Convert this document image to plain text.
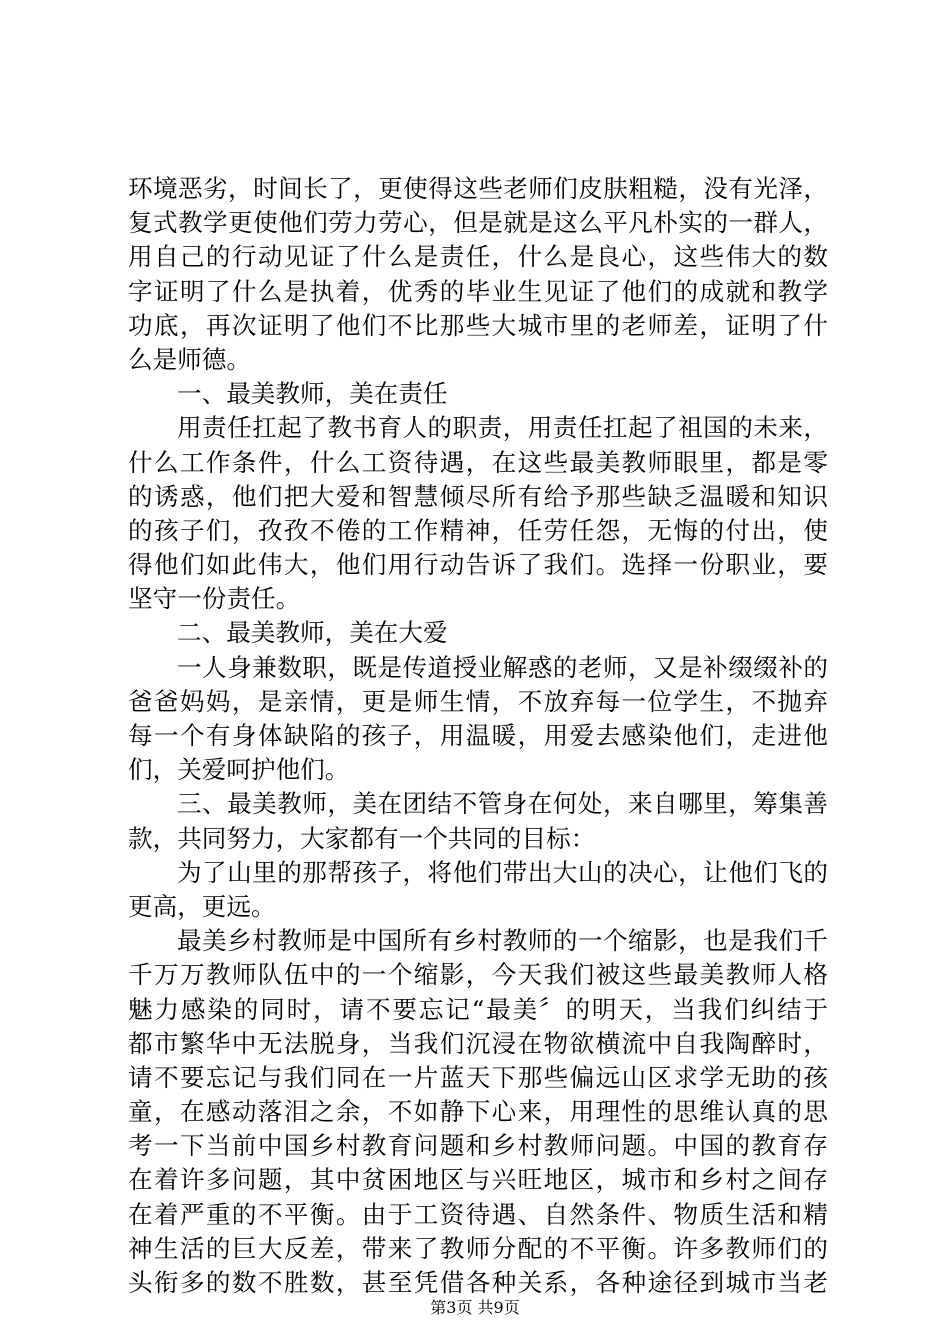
环境恶劣，时间长了，更使得这些老师们皮肤粗糙，没有光泽，
复式教学更使他们劳力劳心，但是就是这么平凡朴实的一群人，
用自己的行动见证了什么是责任，什么是良心，这些伟大的数
字证明了什么是执着，优秀的毕业生见证了他们的成就和教学
功底，再次证明了他们不比那些大城市里的老师差，证明了什
么是师德。
一、最美教师，美在责任
用责任扛起了教书育人的职责，用责任扛起了祖国的未来，
什么工作条件，什么工资待遇，在这些最美教师眼里，都是零
的诱惑，他们把大爱和智慧倾尽所有给予那些缺乏温暖和知识
的孩子们，孜孜不倦的工作精神，任劳任怨，无悔的付出，使
得他们如此伟大，他们用行动告诉了我们。选择一份职业，要
坚守一份责任。
二、最美教师，美在大爱
一人身兼数职，既是传道授业解惑的老师，又是补缀缀补的
爸爸妈妈，是亲情，更是师生情，不放弃每一位学生，不抛弃
每一个有身体缺陷的孩子，用温暖，用爱去感染他们，走进他
们，关爱呵护他们。
三、最美教师，美在团结不管身在何处，来自哪里，筹集善
款，共同努力，大家都有一个共同的目标：
为了山里的那帮孩子，将他们带出大山的决心，让他们飞的
更高，更远。
最美乡村教师是中国所有乡村教师的一个缩影，也是我们千
千万万教师队伍中的一个缩影，今天我们被这些最美教师人格
魅力感染的同时，请不要忘记“最美〞的明天，当我们纠结于
都市繁华中无法脱身，当我们沉浸在物欲横流中自我陶醉时，
请不要忘记与我们同在一片蓝天下那些偏远山区求学无助的孩
童，在感动落泪之余，不如静下心来，用理性的思维认真的思
考一下当前中国乡村教育问题和乡村教师问题。中国的教育存
在着许多问题，其中贫困地区与兴旺地区，城市和乡村之间存
在着严重的不平衡。由于工资待遇、自然条件、物质生活和精
神生活的巨大反差，带来了教师分配的不平衡。许多教师们的
头衔多的数不胜数，甚至凭借各种关系，各种途径到城市当老
第3页 共9页
